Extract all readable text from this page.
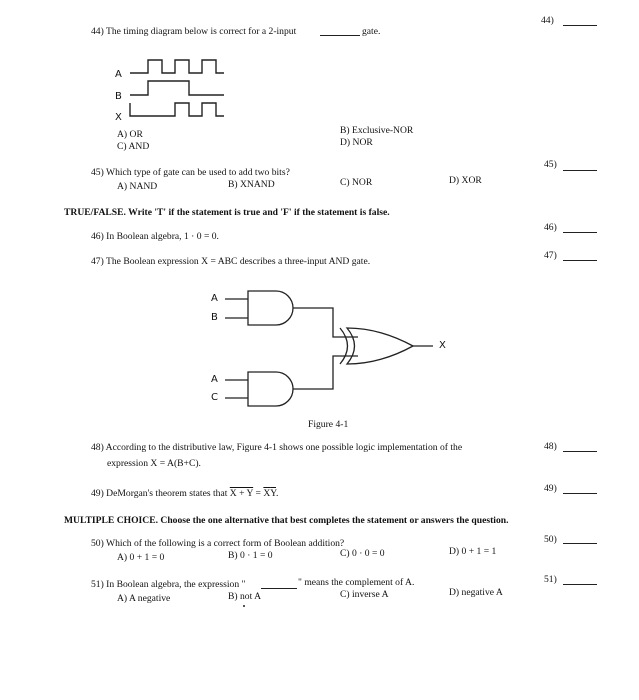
44)
44) The timing diagram below is correct for a 2-input	gate.
A
B
X
A) OR	B) Exclusive-NOR
C) AND	D) NOR
45)
45) Which type of gate can be used to add two bits?
A) NAND	B) XNAND	C) NOR	D) XOR
TRUE/FALSE. Write 'T' if the statement is true and 'F' if the statement is false.
46)
46) In Boolean algebra, 1 · 0 = 0.
47)
47) The Boolean expression X = ABC describes a three-input AND gate.
A
B
A
C
X
Figure 4-1
48)
48) According to the distributive law, Figure 4-1 shows one possible logic implementation of the
expression X = A(B+C).
49)
49) DeMorgan's theorem states that $X + Y = \overline{X}\overline{Y}$.
MULTIPLE CHOICE. Choose the one alternative that best completes the statement or answers the question.
50)
50) Which of the following is a correct form of Boolean addition?
A) 0 + 1 = 0	B) 0 · 1 = 0	C) 0 · 0 = 0	D) 0 + 1 = 1
51)
51) In Boolean algebra, the expression "	" means the complement of A.
A) A negative	B) not A	C) inverse A	D) negative A
